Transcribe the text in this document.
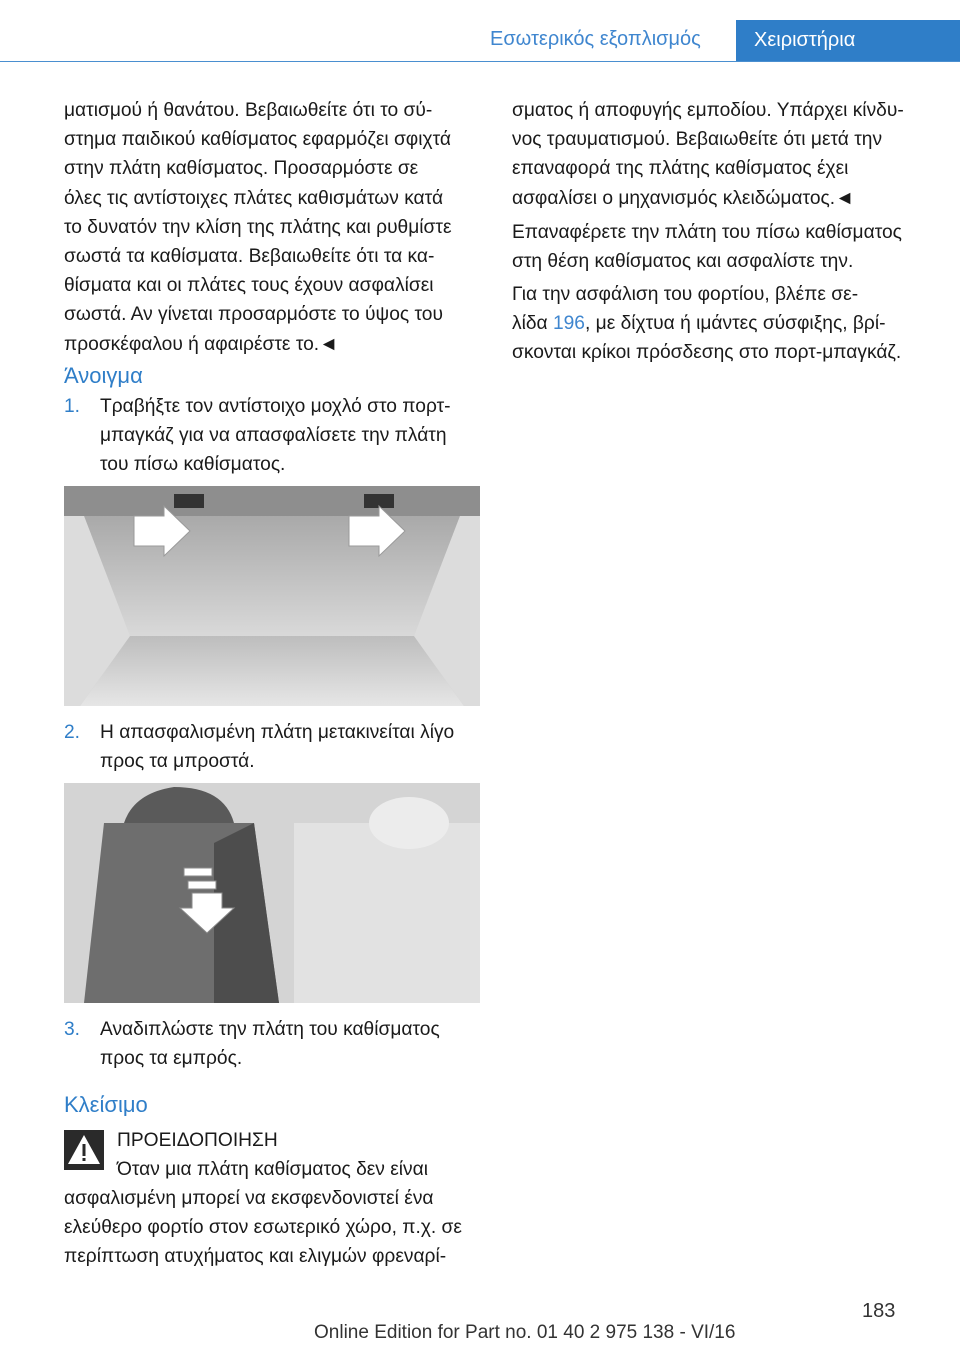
Εσωτερικός εξοπλισμός	Χειριστήρια

ματισμού ή θανάτου. Βεβαιωθείτε ότι το σύ-

στημα παιδικού καθίσματος εφαρμόζει σφιχτά

στην πλάτη καθίσματος. Προσαρμόστε σε

όλες τις αντίστοιχες πλάτες καθισμάτων κατά

το δυνατόν την κλίση της πλάτης και ρυθμίστε

σωστά τα καθίσματα. Βεβαιωθείτε ότι τα κα-

θίσματα και οι πλάτες τους έχουν ασφαλίσει

σωστά. Αν γίνεται προσαρμόστε το ύψος του

προσκέφαλου ή αφαιρέστε το.◄

Άνοιγμα
1. Τραβήξτε τον αντίστοιχο μοχλό στο πορτ-

μπαγκάζ για να απασφαλίσετε την πλάτη

του πίσω καθίσματος.

2. Η απασφαλισμένη πλάτη μετακινείται λίγο

προς τα μπροστά.

3. Αναδιπλώστε την πλάτη του καθίσματος

προς τα εμπρός.

Κλείσιμο

ΠΡΟΕΙΔΟΠΟΙΗΣΗ

Όταν μια πλάτη καθίσματος δεν είναι

ασφαλισμένη μπορεί να εκσφενδονιστεί ένα

ελεύθερο φορτίο στον εσωτερικό χώρο, π.χ. σε

περίπτωση ατυχήματος και ελιγμών φρεναρί-

σματος ή αποφυγής εμποδίου. Υπάρχει κίνδυ-

νος τραυματισμού. Βεβαιωθείτε ότι μετά την

επαναφορά της πλάτης καθίσματος έχει

ασφαλίσει ο μηχανισμός κλειδώματος.◄

Επαναφέρετε την πλάτη του πίσω καθίσματος

στη θέση καθίσματος και ασφαλίστε την.

Για την ασφάλιση του φορτίου, βλέπε σε-

λίδα 196, με δίχτυα ή ιμάντες σύσφιξης, βρί-

σκονται κρίκοι πρόσδεσης στο πορτ-μπαγκάζ.

183
Online Edition for Part no. 01 40 2 975 138 - VI/16
